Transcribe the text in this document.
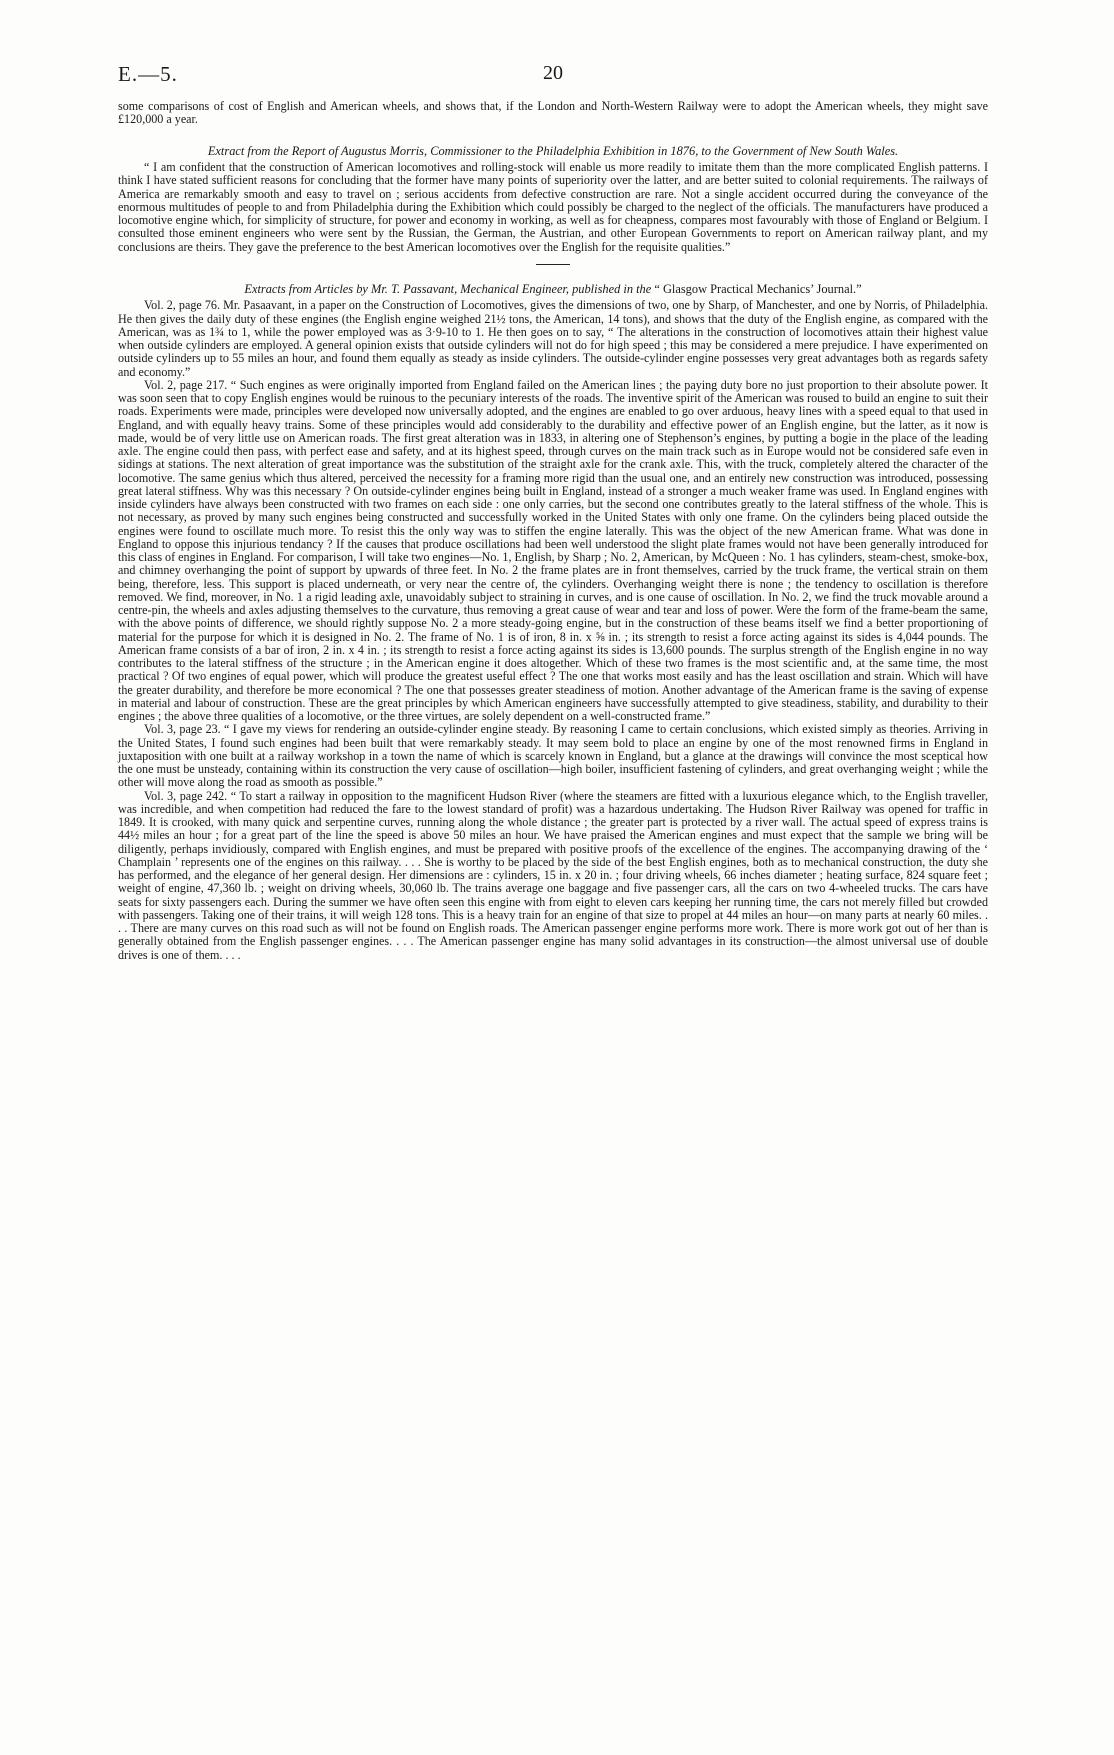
E.—5.	20

some comparisons of cost of English and American wheels, and shows that, if the London and North-Western Railway were to adopt the American wheels, they might save £120,000 a year.

Extract from the Report of Augustus Morris, Commissioner to the Philadelphia Exhibition in 1876, to the Government of New South Wales.

“ I am confident that the construction of American locomotives and rolling-stock will enable us more readily to imitate them than the more complicated English patterns. I think I have stated sufficient reasons for concluding that the former have many points of superiority over the latter, and are better suited to colonial requirements. The railways of America are remarkably smooth and easy to travel on ; serious accidents from defective construction are rare. Not a single accident occurred during the conveyance of the enormous multitudes of people to and from Philadelphia during the Exhibition which could possibly be charged to the neglect of the officials. The manufacturers have produced a locomotive engine which, for simplicity of structure, for power and economy in working, as well as for cheapness, compares most favourably with those of England or Belgium. I consulted those eminent engineers who were sent by the Russian, the German, the Austrian, and other European Governments to report on American railway plant, and my conclusions are theirs. They gave the preference to the best American locomotives over the English for the requisite qualities.”

Extracts from Articles by Mr. T. Passavant, Mechanical Engineer, published in the “ Glasgow Practical Mechanics’ Journal.”

Vol. 2, page 76. Mr. Pasaavant, in a paper on the Construction of Locomotives, gives the dimensions of two, one by Sharp, of Manchester, and one by Norris, of Philadelphia. He then gives the daily duty of these engines (the English engine weighed 21½ tons, the American, 14 tons), and shows that the duty of the English engine, as compared with the American, was as 1¾ to 1, while the power employed was as 3·9-10 to 1. He then goes on to say, “ The alterations in the construction of locomotives attain their highest value when outside cylinders are employed. A general opinion exists that outside cylinders will not do for high speed ; this may be considered a mere prejudice. I have experimented on outside cylinders up to 55 miles an hour, and found them equally as steady as inside cylinders. The outside-cylinder engine possesses very great advantages both as regards safety and economy.”

Vol. 2, page 217. “ Such engines as were originally imported from England failed on the American lines ; the paying duty bore no just proportion to their absolute power. It was soon seen that to copy English engines would be ruinous to the pecuniary interests of the roads. The inventive spirit of the American was roused to build an engine to suit their roads. Experiments were made, principles were developed now universally adopted, and the engines are enabled to go over arduous, heavy lines with a speed equal to that used in England, and with equally heavy trains. Some of these principles would add considerably to the durability and effective power of an English engine, but the latter, as it now is made, would be of very little use on American roads. The first great alteration was in 1833, in altering one of Stephenson’s engines, by putting a bogie in the place of the leading axle. The engine could then pass, with perfect ease and safety, and at its highest speed, through curves on the main track such as in Europe would not be considered safe even in sidings at stations. The next alteration of great importance was the substitution of the straight axle for the crank axle. This, with the truck, completely altered the character of the locomotive. The same genius which thus altered, perceived the necessity for a framing more rigid than the usual one, and an entirely new construction was introduced, possessing great lateral stiffness. Why was this necessary ? On outside-cylinder engines being built in England, instead of a stronger a much weaker frame was used. In England engines with inside cylinders have always been constructed with two frames on each side : one only carries, but the second one contributes greatly to the lateral stiffness of the whole. This is not necessary, as proved by many such engines being constructed and successfully worked in the United States with only one frame. On the cylinders being placed outside the engines were found to oscillate much more. To resist this the only way was to stiffen the engine laterally. This was the object of the new American frame. What was done in England to oppose this injurious tendancy ? If the causes that produce oscillations had been well understood the slight plate frames would not have been generally introduced for this class of engines in England. For comparison, I will take two engines—No. 1, English, by Sharp ; No. 2, American, by McQueen : No. 1 has cylinders, steam-chest, smoke-box, and chimney overhanging the point of support by upwards of three feet. In No. 2 the frame plates are in front themselves, carried by the truck frame, the vertical strain on them being, therefore, less. This support is placed underneath, or very near the centre of, the cylinders. Overhanging weight there is none ; the tendency to oscillation is therefore removed. We find, moreover, in No. 1 a rigid leading axle, unavoidably subject to straining in curves, and is one cause of oscillation. In No. 2, we find the truck movable around a centre-pin, the wheels and axles adjusting themselves to the curvature, thus removing a great cause of wear and tear and loss of power. Were the form of the frame-beam the same, with the above points of difference, we should rightly suppose No. 2 a more steady-going engine, but in the construction of these beams itself we find a better proportioning of material for the purpose for which it is designed in No. 2. The frame of No. 1 is of iron, 8 in. x ⅝ in. ; its strength to resist a force acting against its sides is 4,044 pounds. The American frame consists of a bar of iron, 2 in. x 4 in. ; its strength to resist a force acting against its sides is 13,600 pounds. The surplus strength of the English engine in no way contributes to the lateral stiffness of the structure ; in the American engine it does altogether. Which of these two frames is the most scientific and, at the same time, the most practical ? Of two engines of equal power, which will produce the greatest useful effect ? The one that works most easily and has the least oscillation and strain. Which will have the greater durability, and therefore be more economical ? The one that possesses greater steadiness of motion. Another advantage of the American frame is the saving of expense in material and labour of construction. These are the great principles by which American engineers have successfully attempted to give steadiness, stability, and durability to their engines ; the above three qualities of a locomotive, or the three virtues, are solely dependent on a well-constructed frame.”

Vol. 3, page 23. “ I gave my views for rendering an outside-cylinder engine steady. By reasoning I came to certain conclusions, which existed simply as theories. Arriving in the United States, I found such engines had been built that were remarkably steady. It may seem bold to place an engine by one of the most renowned firms in England in juxtaposition with one built at a railway workshop in a town the name of which is scarcely known in England, but a glance at the drawings will convince the most sceptical how the one must be unsteady, containing within its construction the very cause of oscillation—high boiler, insufficient fastening of cylinders, and great overhanging weight ; while the other will move along the road as smooth as possible.”

Vol. 3, page 242. “ To start a railway in opposition to the magnificent Hudson River (where the steamers are fitted with a luxurious elegance which, to the English traveller, was incredible, and when competition had reduced the fare to the lowest standard of profit) was a hazardous undertaking. The Hudson River Railway was opened for traffic in 1849. It is crooked, with many quick and serpentine curves, running along the whole distance ; the greater part is protected by a river wall. The actual speed of express trains is 44½ miles an hour ; for a great part of the line the speed is above 50 miles an hour. We have praised the American engines and must expect that the sample we bring will be diligently, perhaps invidiously, compared with English engines, and must be prepared with positive proofs of the excellence of the engines. The accompanying drawing of the ‘ Champlain ’ represents one of the engines on this railway. . . . She is worthy to be placed by the side of the best English engines, both as to mechanical construction, the duty she has performed, and the elegance of her general design. Her dimensions are : cylinders, 15 in. x 20 in. ; four driving wheels, 66 inches diameter ; heating surface, 824 square feet ; weight of engine, 47,360 lb. ; weight on driving wheels, 30,060 lb. The trains average one baggage and five passenger cars, all the cars on two 4-wheeled trucks. The cars have seats for sixty passengers each. During the summer we have often seen this engine with from eight to eleven cars keeping her running time, the cars not merely filled but crowded with passengers. Taking one of their trains, it will weigh 128 tons. This is a heavy train for an engine of that size to propel at 44 miles an hour—on many parts at nearly 60 miles. . . . There are many curves on this road such as will not be found on English roads. The American passenger engine performs more work. There is more work got out of her than is generally obtained from the English passenger engines. . . . The American passenger engine has many solid advantages in its construction—the almost universal use of double drives is one of them. . . .
